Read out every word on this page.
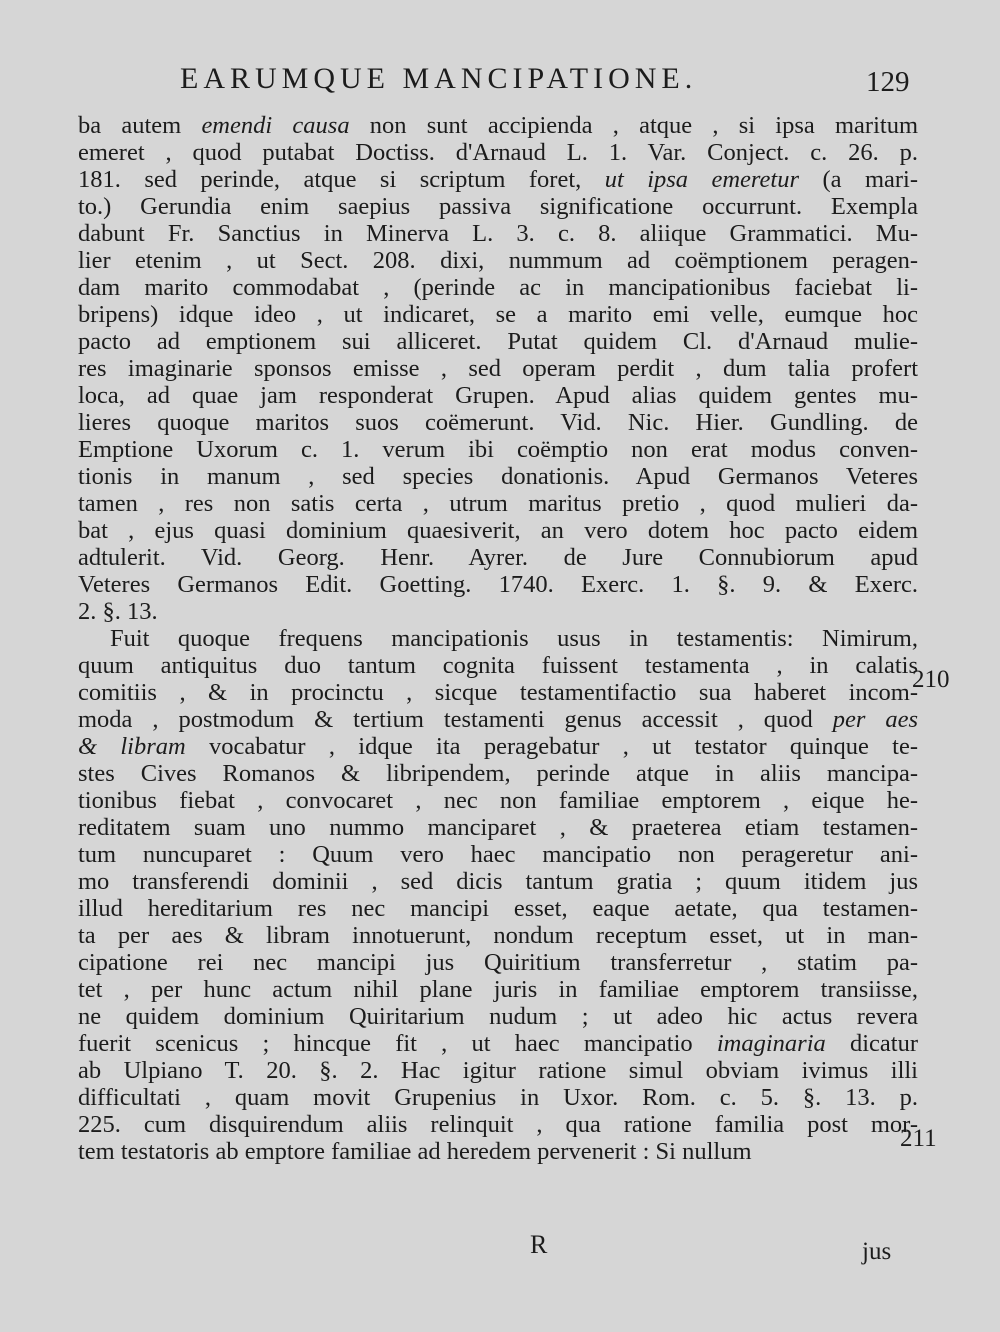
EARUMQUE MANCIPATIONE.	129
ba autem emendi causa non sunt accipienda , atque , si ipsa maritum
emeret , quod putabat Doctiss. d'Arnaud L. 1. Var. Conject. c. 26. p.
181. sed perinde, atque si scriptum foret, ut ipsa emeretur (a mari-
to.) Gerundia enim saepius passiva significatione occurrunt. Exempla
dabunt Fr. Sanctius in Minerva L. 3. c. 8. aliique Grammatici. Mu-
lier etenim , ut Sect. 208. dixi, nummum ad coëmptionem peragen-
dam marito commodabat , (perinde ac in mancipationibus faciebat li-
bripens) idque ideo , ut indicaret, se a marito emi velle, eumque hoc
pacto ad emptionem sui alliceret. Putat quidem Cl. d'Arnaud mulie-
res imaginarie sponsos emisse , sed operam perdit , dum talia profert
loca, ad quae jam responderat Grupen. Apud alias quidem gentes mu-
lieres quoque maritos suos coëmerunt. Vid. Nic. Hier. Gundling. de
Emptione Uxorum c. 1. verum ibi coëmptio non erat modus conven-
tionis in manum , sed species donationis. Apud Germanos Veteres
tamen , res non satis certa , utrum maritus pretio , quod mulieri da-
bat , ejus quasi dominium quaesiverit, an vero dotem hoc pacto eidem
adtulerit. Vid. Georg. Henr. Ayrer. de Jure Connubiorum apud
Veteres Germanos Edit. Goetting. 1740. Exerc. 1. §. 9. & Exerc.
2. §. 13.
Fuit quoque frequens mancipationis usus in testamentis: Nimirum,
quum antiquitus duo tantum cognita fuissent testamenta , in calatis
comitiis , & in procinctu , sicque testamentifactio sua haberet incom-
moda , postmodum & tertium testamenti genus accessit , quod per aes
& libram vocabatur , idque ita peragebatur , ut testator quinque te-
stes Cives Romanos & libripendem, perinde atque in aliis mancipa-
tionibus fiebat , convocaret , nec non familiae emptorem , eique he-
reditatem suam uno nummo manciparet , & praeterea etiam testamen-
tum nuncuparet : Quum vero haec mancipatio non perageretur ani-
mo transferendi dominii , sed dicis tantum gratia ; quum itidem jus
illud hereditarium res nec mancipi esset, eaque aetate, qua testamen-
ta per aes & libram innotuerunt, nondum receptum esset, ut in man-
cipatione rei nec mancipi jus Quiritium transferretur , statim pa-
tet , per hunc actum nihil plane juris in familiae emptorem transiisse,
ne quidem dominium Quiritarium nudum ; ut adeo hic actus revera
fuerit scenicus ; hincque fit , ut haec mancipatio imaginaria dicatur
ab Ulpiano T. 20. §. 2. Hac igitur ratione simul obviam ivimus illi
difficultati , quam movit Grupenius in Uxor. Rom. c. 5. §. 13. p.
225. cum disquirendum aliis relinquit , qua ratione familia post mor-
tem testatoris ab emptore familiae ad heredem pervenerit : Si nullum
210
211
R	jus
